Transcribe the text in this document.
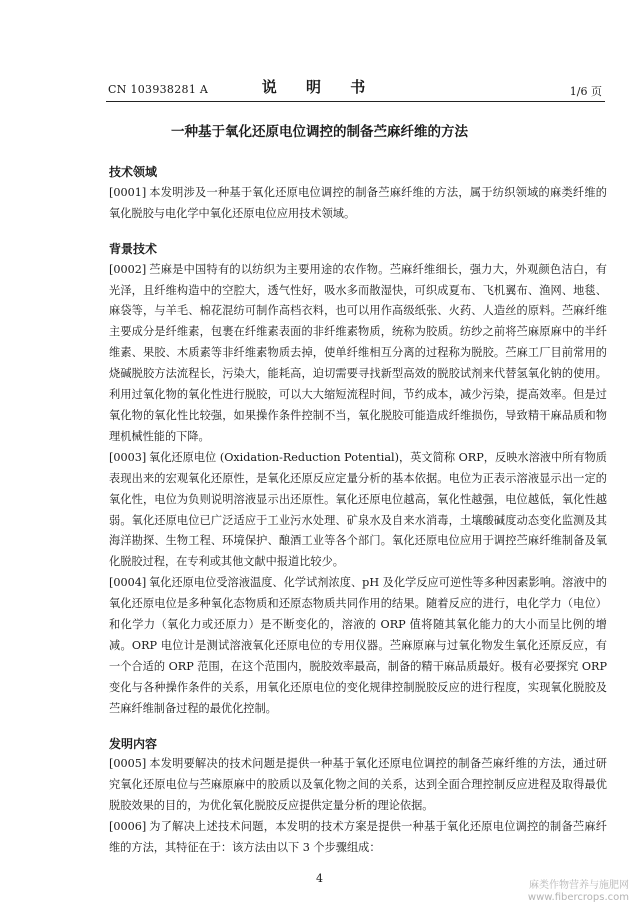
CN 103938281 A	说 明 书	1/6 页
一种基于氧化还原电位调控的制备苎麻纤维的方法
技术领域

[0001] 本发明涉及一种基于氧化还原电位调控的制备苎麻纤维的方法，属于纺织领域的麻类纤维的氧化脱胶与电化学中氧化还原电位应用技术领域。

背景技术

[0002] 苎麻是中国特有的以纺织为主要用途的农作物。苎麻纤维细长，强力大，外观颜色洁白，有光泽，且纤维构造中的空腔大，透气性好，吸水多而散湿快，可织成夏布、飞机翼布、渔网、地毯、麻袋等，与羊毛、棉花混纺可制作高档衣料，也可以用作高级纸张、火药、人造丝的原料。苎麻纤维主要成分是纤维素，包裹在纤维素表面的非纤维素物质，统称为胶质。纺纱之前将苎麻原麻中的半纤维素、果胶、木质素等非纤维素物质去掉，使单纤维相互分离的过程称为脱胶。苎麻工厂目前常用的烧碱脱胶方法流程长，污染大，能耗高，迫切需要寻找新型高效的脱胶试剂来代替氢氧化钠的使用。利用过氧化物的氧化性进行脱胶，可以大大缩短流程时间，节约成本，减少污染，提高效率。但是过氧化物的氧化性比较强，如果操作条件控制不当，氧化脱胶可能造成纤维损伤，导致精干麻品质和物理机械性能的下降。

[0003] 氧化还原电位 (Oxidation-Reduction Potential)，英文简称 ORP，反映水溶液中所有物质表现出来的宏观氧化还原性，是氧化还原反应定量分析的基本依据。电位为正表示溶液显示出一定的氧化性，电位为负则说明溶液显示出还原性。氧化还原电位越高，氧化性越强，电位越低，氧化性越弱。氧化还原电位已广泛适应于工业污水处理、矿泉水及自来水消毒，土壤酸碱度动态变化监测及其海洋勘探、生物工程、环境保护、酿酒工业等各个部门。氧化还原电位应用于调控苎麻纤维制备及氧化脱胶过程，在专利或其他文献中报道比较少。

[0004] 氧化还原电位受溶液温度、化学试剂浓度、pH 及化学反应可逆性等多种因素影响。溶液中的氧化还原电位是多种氧化态物质和还原态物质共同作用的结果。随着反应的进行，电化学力（电位）和化学力（氧化力或还原力）是不断变化的，溶液的 ORP 值将随其氧化能力的大小而呈比例的增减。ORP 电位计是测试溶液氧化还原电位的专用仪器。苎麻原麻与过氧化物发生氧化还原反应，有一个合适的 ORP 范围，在这个范围内，脱胶效率最高，制备的精干麻品质最好。极有必要探究 ORP 变化与各种操作条件的关系，用氧化还原电位的变化规律控制脱胶反应的进行程度，实现氧化脱胶及苎麻纤维制备过程的最优化控制。

发明内容

[0005] 本发明要解决的技术问题是提供一种基于氧化还原电位调控的制备苎麻纤维的方法，通过研究氧化还原电位与苎麻原麻中的胶质以及氧化物之间的关系，达到全面合理控制反应进程及取得最优脱胶效果的目的，为优化氧化脱胶反应提供定量分析的理论依据。

[0006] 为了解决上述技术问题，本发明的技术方案是提供一种基于氧化还原电位调控的制备苎麻纤维的方法，其特征在于：该方法由以下 3 个步骤组成：

4
麻类作物营养与施肥网
www.fibercrops.com
